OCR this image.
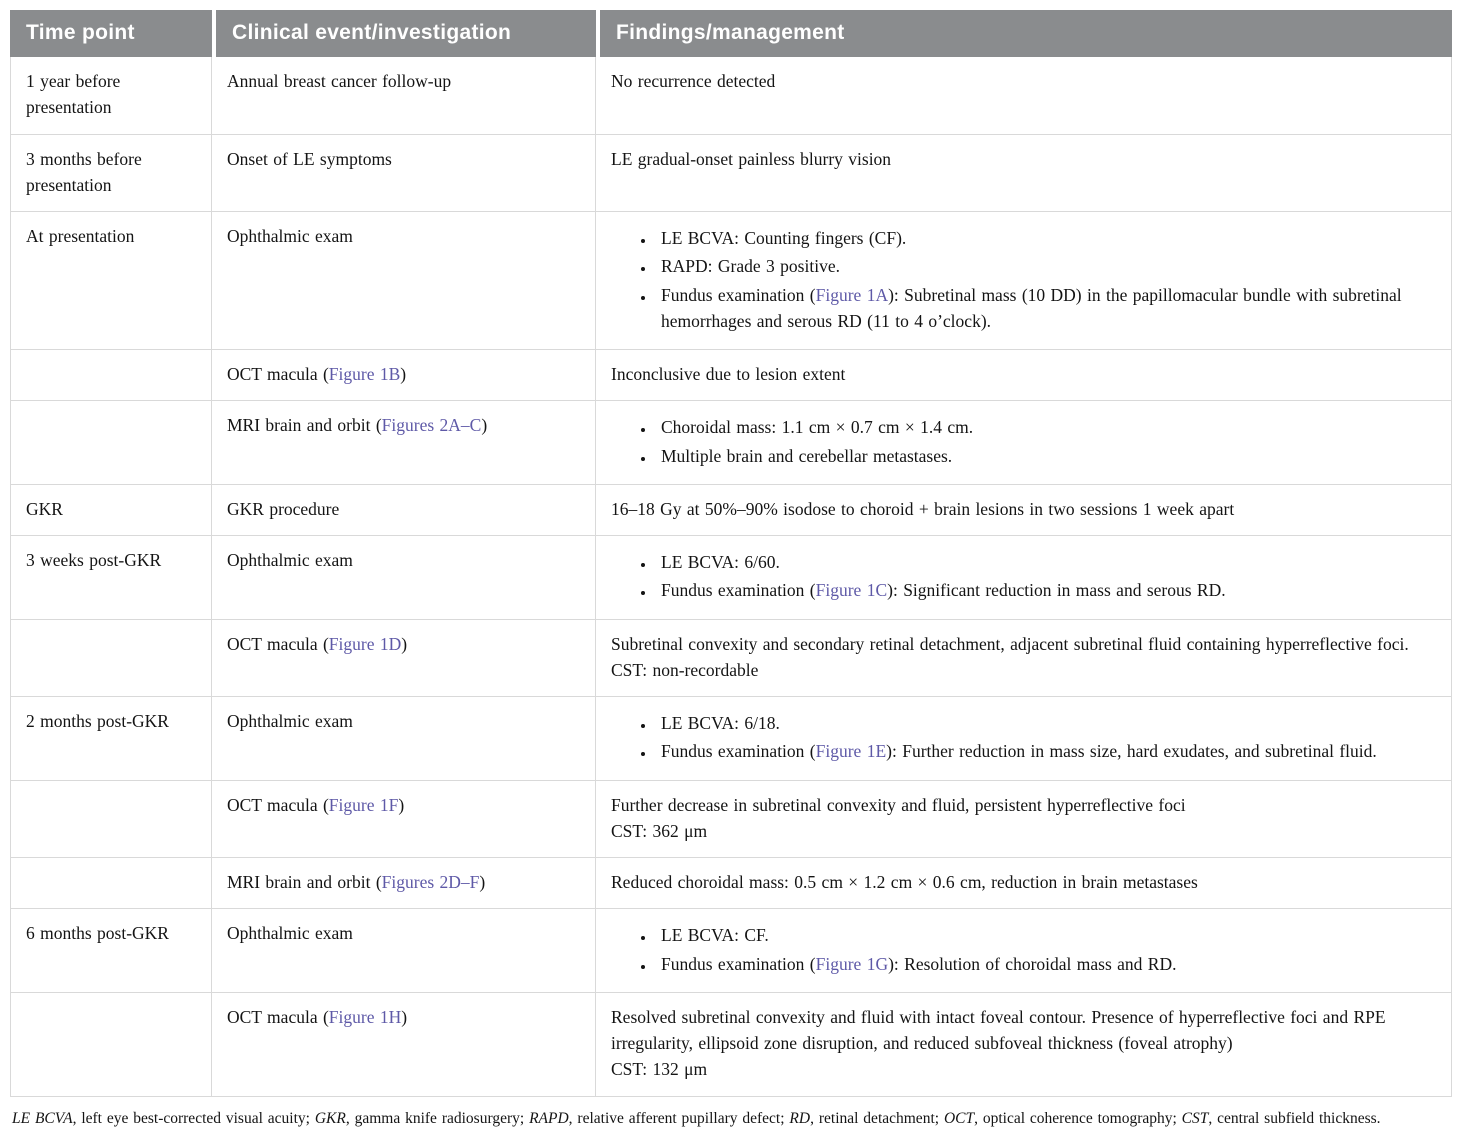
Time point	Clinical event/investigation	Findings/management
1 year before presentation	Annual breast cancer follow-up	No recurrence detected

3 months before presentation	Onset of LE symptoms	LE gradual-onset painless blurry vision

At presentation	Ophthalmic exam	
•LE BCVA: Counting fingers (CF).
• RAPD: Grade 3 positive.
• Fundus examination (Figure 1A): Subretinal mass (10 DD) in the papillomacular bundle with subretinal hemorrhages and serous RD (11 to 4 o’clock).

	OCT macula (Figure 1B)	Inconclusive due to lesion extent

	MRI brain and orbit (Figures 2A–C)	
•Choroidal mass: 1.1 cm × 0.7 cm × 1.4 cm.
• Multiple brain and cerebellar metastases.

GKR	GKR procedure	16–18 Gy at 50%–90% isodose to choroid + brain lesions in two sessions 1 week apart

3 weeks post-GKR	Ophthalmic exam	
•LE BCVA: 6/60.
• Fundus examination (Figure 1C): Significant reduction in mass and serous RD.

	OCT macula (Figure 1D)	Subretinal convexity and secondary retinal detachment, adjacent subretinal fluid containing hyperreflective foci. CST: non-recordable

2 months post-GKR	Ophthalmic exam	
•LE BCVA: 6/18.
• Fundus examination (Figure 1E): Further reduction in mass size, hard exudates, and subretinal fluid.

	OCT macula (Figure 1F)	Further decrease in subretinal convexity and fluid, persistent hyperreflective foci
CST: 362 μm

	MRI brain and orbit (Figures 2D–F)	Reduced choroidal mass: 0.5 cm × 1.2 cm × 0.6 cm, reduction in brain metastases

6 months post-GKR	Ophthalmic exam	
•LE BCVA: CF.
• Fundus examination (Figure 1G): Resolution of choroidal mass and RD.

	OCT macula (Figure 1H)	Resolved subretinal convexity and fluid with intact foveal contour. Presence of hyperreflective foci and RPE irregularity, ellipsoid zone disruption, and reduced subfoveal thickness (foveal atrophy)
CST: 132 μm
LE BCVA, left eye best-corrected visual acuity; GKR, gamma knife radiosurgery; RAPD, relative afferent pupillary defect; RD, retinal detachment; OCT, optical coherence tomography; CST, central subfield thickness.
